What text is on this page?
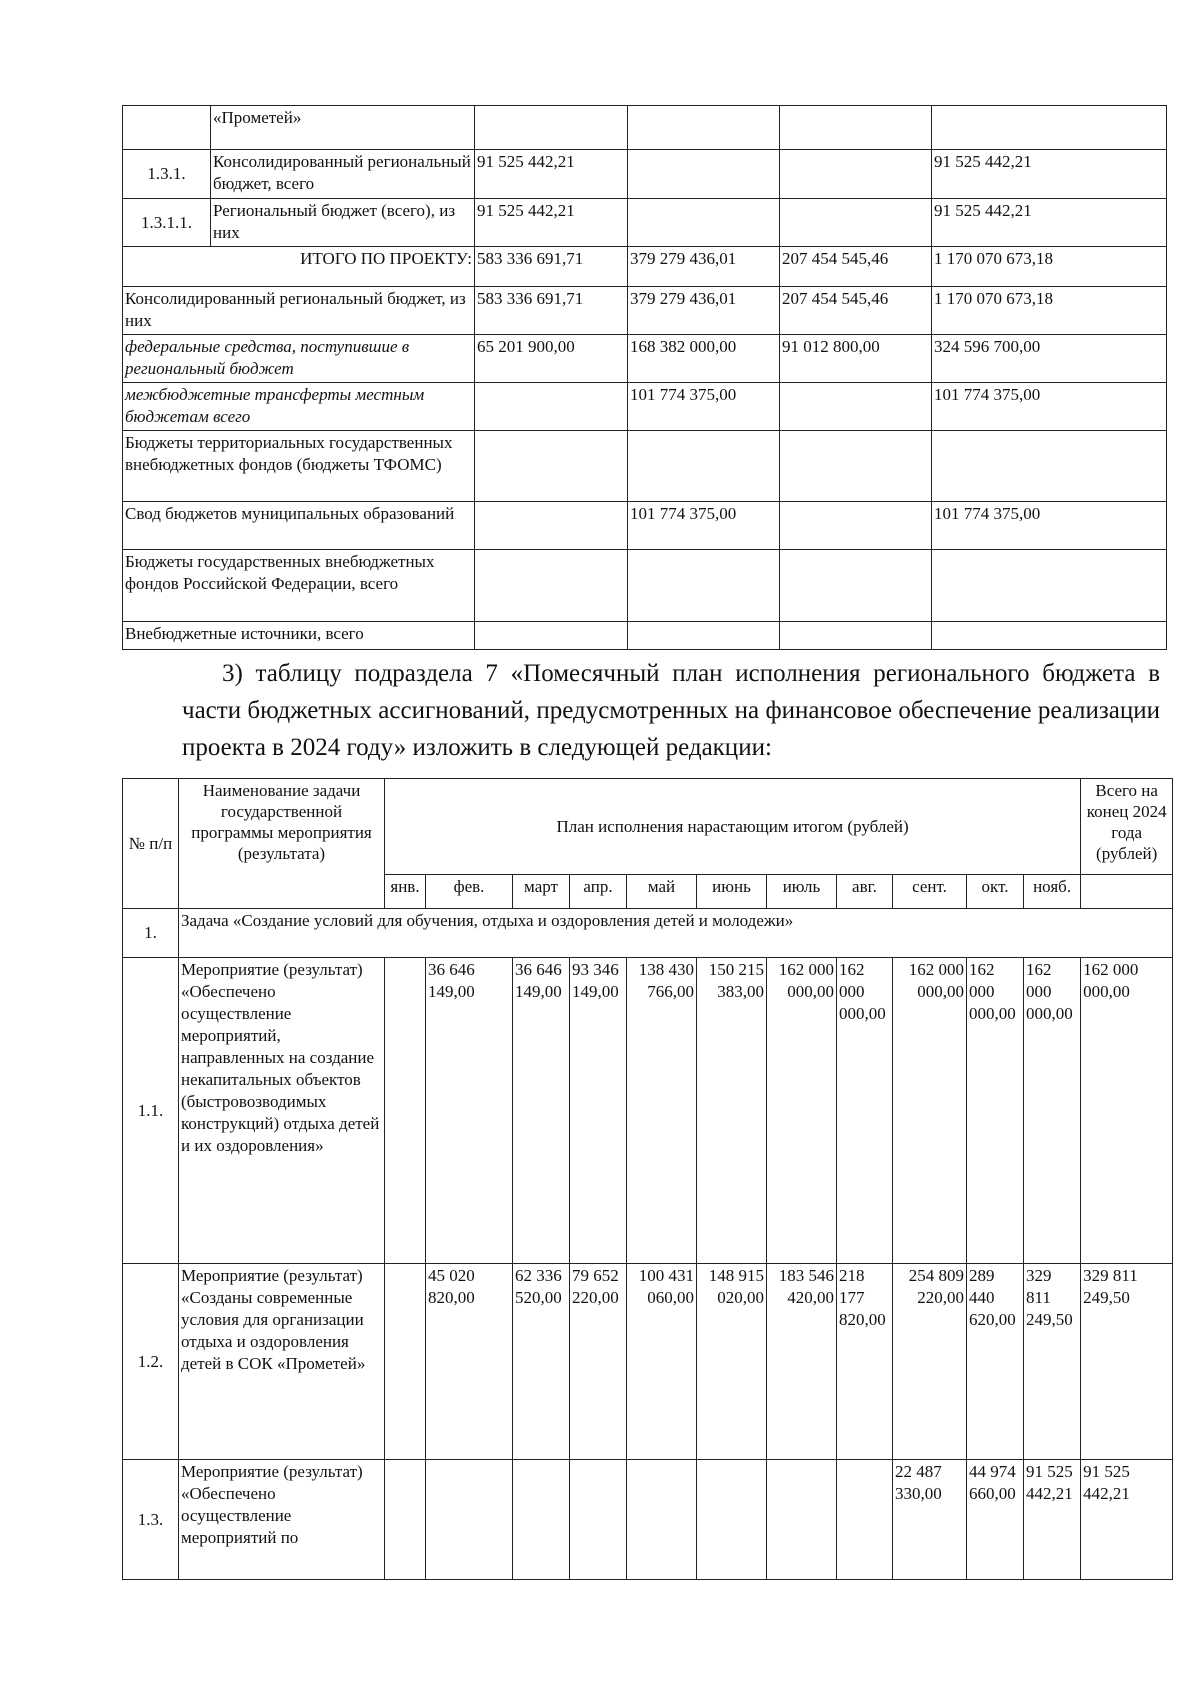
	«Прометей»				
1.3.1.	Консолидированный региональный бюджет, всего	91 525 442,21			91 525 442,21
1.3.1.1.	Региональный бюджет (всего), из них	91 525 442,21			91 525 442,21
ИТОГО ПО ПРОЕКТУ:		583 336 691,71	379 279 436,01	207 454 545,46	1 170 070 673,18
Консолидированный региональный бюджет, из них		583 336 691,71	379 279 436,01	207 454 545,46	1 170 070 673,18
федеральные средства, поступившие в региональный бюджет		65 201 900,00	168 382 000,00	91 012 800,00	324 596 700,00
межбюджетные трансферты местным бюджетам всего			101 774 375,00		101 774 375,00
Бюджеты территориальных государственных внебюджетных фондов (бюджеты ТФОМС)					
Свод бюджетов муниципальных образований			101 774 375,00		101 774 375,00
Бюджеты государственных внебюджетных фондов Российской Федерации, всего					
Внебюджетные источники, всего					
3) таблицу подраздела 7 «Помесячный план исполнения регионального бюджета в части бюджетных ассигнований, предусмотренных на финансовое обеспечение реализации проекта в 2024 году» изложить в следующей редакции:
№ п/п	Наименование задачи государственной программы мероприятия (результата)	План исполнения нарастающим итогом (рублей)											Всего на конец 2024 года (рублей)
		янв.	фев.	март	апр.	май	июнь	июль	авг.	сент.	окт.	нояб.	
1.	Задача «Создание условий для обучения, отдыха и оздоровления детей и молодежи»												
1.1.	Мероприятие (результат) «Обеспечено осуществление мероприятий, направленных на создание некапитальных объектов (быстровозводимых конструкций) отдыха детей и их оздоровления»		36 646 149,00	36 646 149,00	93 346 149,00	138 430 766,00	150 215 383,00	162 000 000,00	162 000 000,00	162 000 000,00	162 000 000,00	162 000 000,00	162 000 000,00
1.2.	Мероприятие (результат) «Созданы современные условия для организации отдыха и оздоровления детей в СОК «Прометей»		45 020 820,00	62 336 520,00	79 652 220,00	100 431 060,00	148 915 020,00	183 546 420,00	218 177 820,00	254 809 220,00	289 440 620,00	329 811 249,50	329 811 249,50
1.3.	Мероприятие (результат) «Обеспечено осуществление мероприятий по									22 487 330,00	44 974 660,00	91 525 442,21	91 525 442,21
